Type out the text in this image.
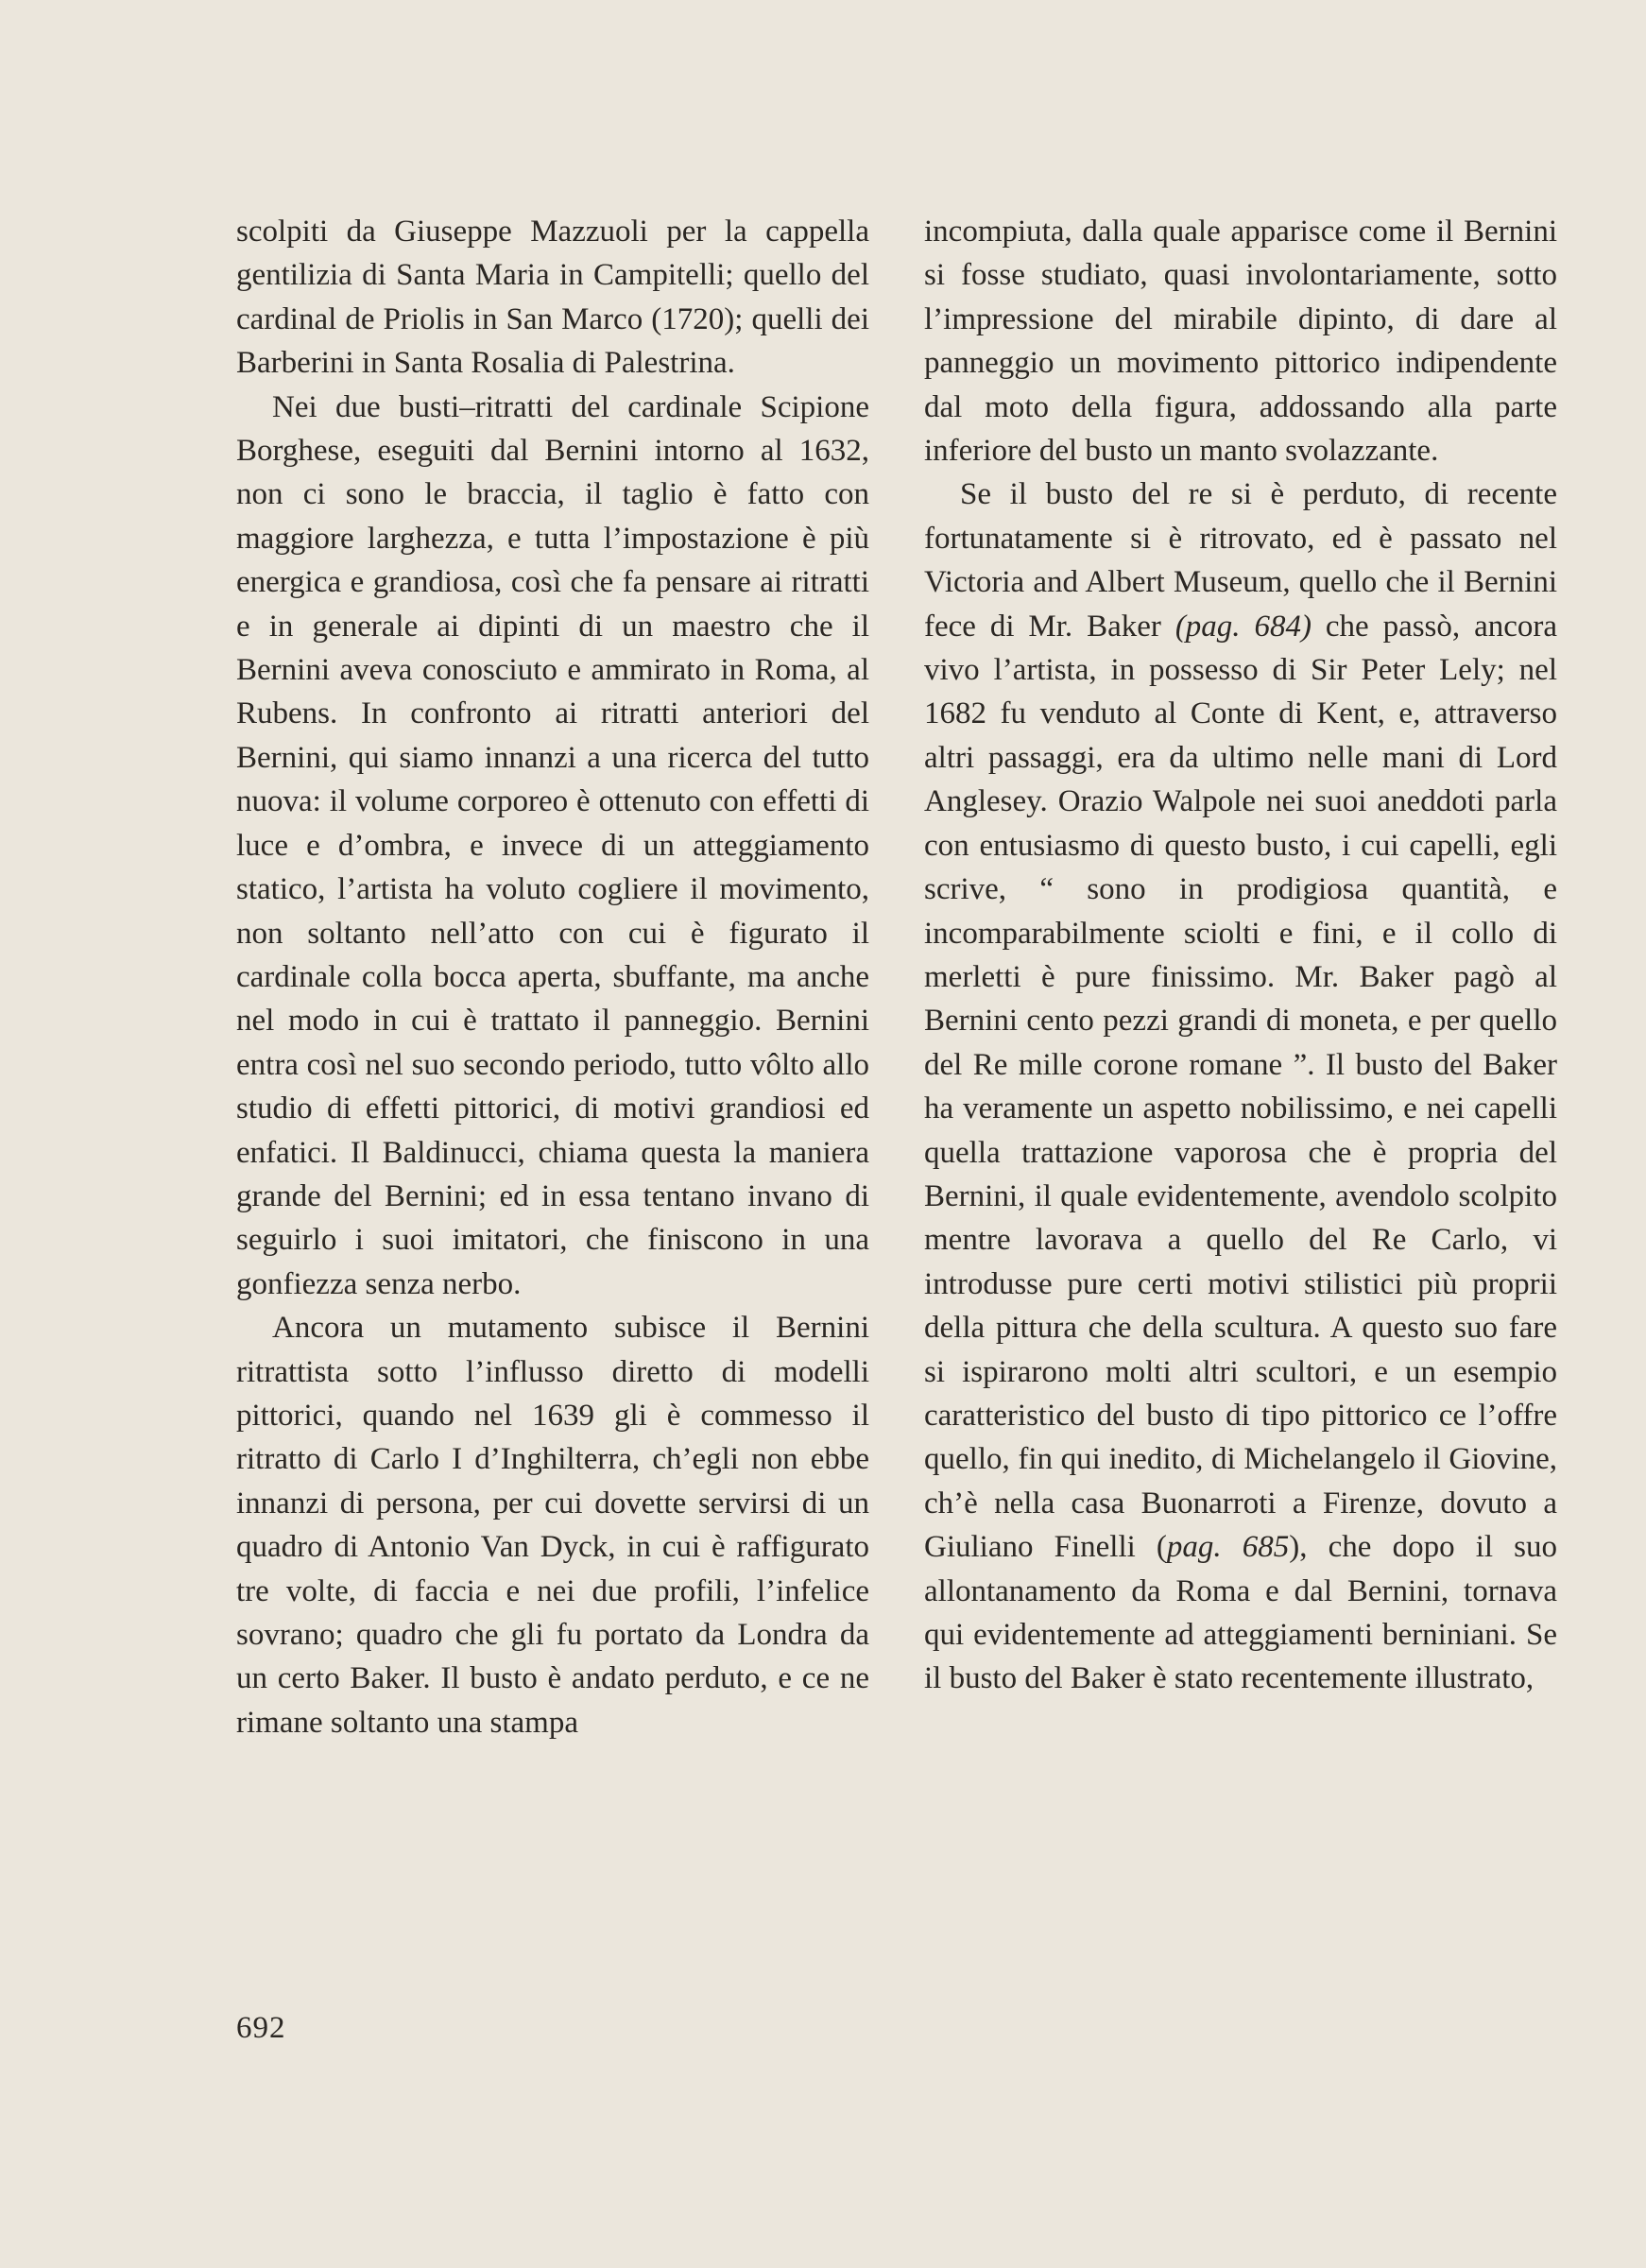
scolpiti da Giuseppe Mazzuoli per la cappella gentilizia di Santa Maria in Campitelli; quello del cardinal de Priolis in San Marco (1720); quelli dei Barberini in Santa Rosalia di Palestrina.

Nei due busti–ritratti del cardinale Scipione Borghese, eseguiti dal Bernini intorno al 1632, non ci sono le braccia, il taglio è fatto con maggiore larghezza, e tutta l’impostazione è più energica e grandiosa, così che fa pensare ai ritratti e in generale ai dipinti di un maestro che il Bernini aveva conosciuto e ammirato in Roma, al Rubens. In confronto ai ritratti anteriori del Bernini, qui siamo innanzi a una ricerca del tutto nuova: il volume corporeo è ottenuto con effetti di luce e d’ombra, e invece di un atteggiamento statico, l’artista ha voluto cogliere il movimento, non soltanto nell’atto con cui è figurato il cardinale colla bocca aperta, sbuffante, ma anche nel modo in cui è trattato il panneggio. Bernini entra così nel suo secondo periodo, tutto vôlto allo studio di effetti pittorici, di motivi grandiosi ed enfatici. Il Baldinucci, chiama questa la maniera grande del Bernini; ed in essa tentano invano di seguirlo i suoi imitatori, che finiscono in una gonfiezza senza nerbo.

Ancora un mutamento subisce il Bernini ritrattista sotto l’influsso diretto di modelli pittorici, quando nel 1639 gli è commesso il ritratto di Carlo I d’Inghilterra, ch’egli non ebbe innanzi di persona, per cui dovette servirsi di un quadro di Antonio Van Dyck, in cui è raffigurato tre volte, di faccia e nei due profili, l’infelice sovrano; quadro che gli fu portato da Londra da un certo Baker. Il busto è andato perduto, e ce ne rimane soltanto una stampa

incompiuta, dalla quale apparisce come il Bernini si fosse studiato, quasi involontariamente, sotto l’impressione del mirabile dipinto, di dare al panneggio un movimento pittorico indipendente dal moto della figura, addossando alla parte inferiore del busto un manto svolazzante.

Se il busto del re si è perduto, di recente fortunatamente si è ritrovato, ed è passato nel Victoria and Albert Museum, quello che il Bernini fece di Mr. Baker (pag. 684) che passò, ancora vivo l’artista, in possesso di Sir Peter Lely; nel 1682 fu venduto al Conte di Kent, e, attraverso altri passaggi, era da ultimo nelle mani di Lord Anglesey. Orazio Walpole nei suoi aneddoti parla con entusiasmo di questo busto, i cui capelli, egli scrive, “ sono in prodigiosa quantità, e incomparabilmente sciolti e fini, e il collo di merletti è pure finissimo. Mr. Baker pagò al Bernini cento pezzi grandi di moneta, e per quello del Re mille corone romane ”. Il busto del Baker ha veramente un aspetto nobilissimo, e nei capelli quella trattazione vaporosa che è propria del Bernini, il quale evidentemente, avendolo scolpito mentre lavorava a quello del Re Carlo, vi introdusse pure certi motivi stilistici più proprii della pittura che della scultura. A questo suo fare si ispirarono molti altri scultori, e un esempio caratteristico del busto di tipo pittorico ce l’offre quello, fin qui inedito, di Michelangelo il Giovine, ch’è nella casa Buonarroti a Firenze, dovuto a Giuliano Finelli (pag. 685), che dopo il suo allontanamento da Roma e dal Bernini, tornava qui evidentemente ad atteggiamenti berniniani. Se il busto del Baker è stato recentemente illustrato,

692
